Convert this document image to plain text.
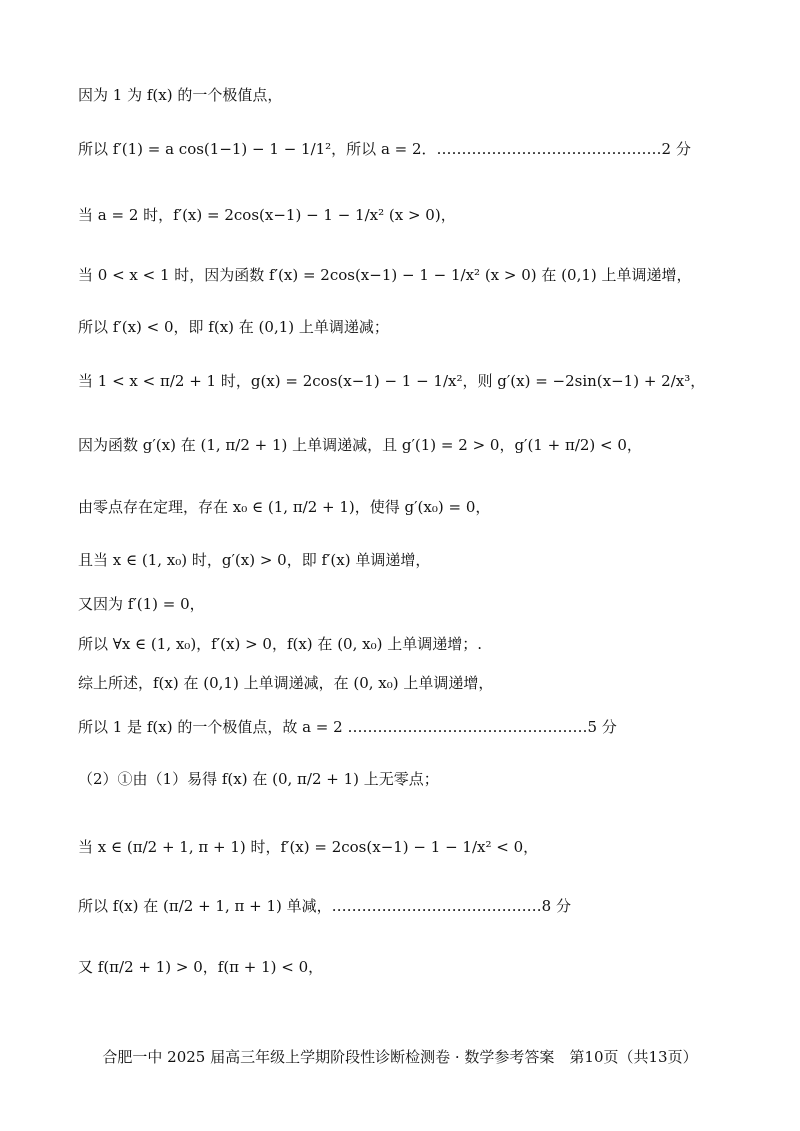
因为 1 为 f(x) 的一个极值点，
所以 f′(1) = a cos(1−1) − 1 − 1/1²，所以 a = 2．………………………………………2 分
当 a = 2 时，f′(x) = 2cos(x−1) − 1 − 1/x² (x > 0)，
当 0 < x < 1 时，因为函数 f′(x) = 2cos(x−1) − 1 − 1/x² (x > 0) 在 (0,1) 上单调递增，
所以 f′(x) < 0，即 f(x) 在 (0,1) 上单调递减；
当 1 < x < π/2 + 1 时，g(x) = 2cos(x−1) − 1 − 1/x²，则 g′(x) = −2sin(x−1) + 2/x³，
因为函数 g′(x) 在 (1, π/2 + 1) 上单调递减，且 g′(1) = 2 > 0，g′(1 + π/2) < 0，
由零点存在定理，存在 x₀ ∈ (1, π/2 + 1)，使得 g′(x₀) = 0，
且当 x ∈ (1, x₀) 时，g′(x) > 0，即 f′(x) 单调递增，
又因为 f′(1) = 0，
所以 ∀x ∈ (1, x₀)，f′(x) > 0，f(x) 在 (0, x₀) 上单调递增；.
综上所述，f(x) 在 (0,1) 上单调递减，在 (0, x₀) 上单调递增，
所以 1 是 f(x) 的一个极值点，故 a = 2 …………………………………………5 分
（2）①由（1）易得 f(x) 在 (0, π/2 + 1) 上无零点；
当 x ∈ (π/2 + 1, π + 1) 时，f′(x) = 2cos(x−1) − 1 − 1/x² < 0，
所以 f(x) 在 (π/2 + 1, π + 1) 单减，……………………………………8 分
又 f(π/2 + 1) > 0，f(π + 1) < 0，
合肥一中 2025 届高三年级上学期阶段性诊断检测卷 · 数学参考答案　第10页（共13页）
